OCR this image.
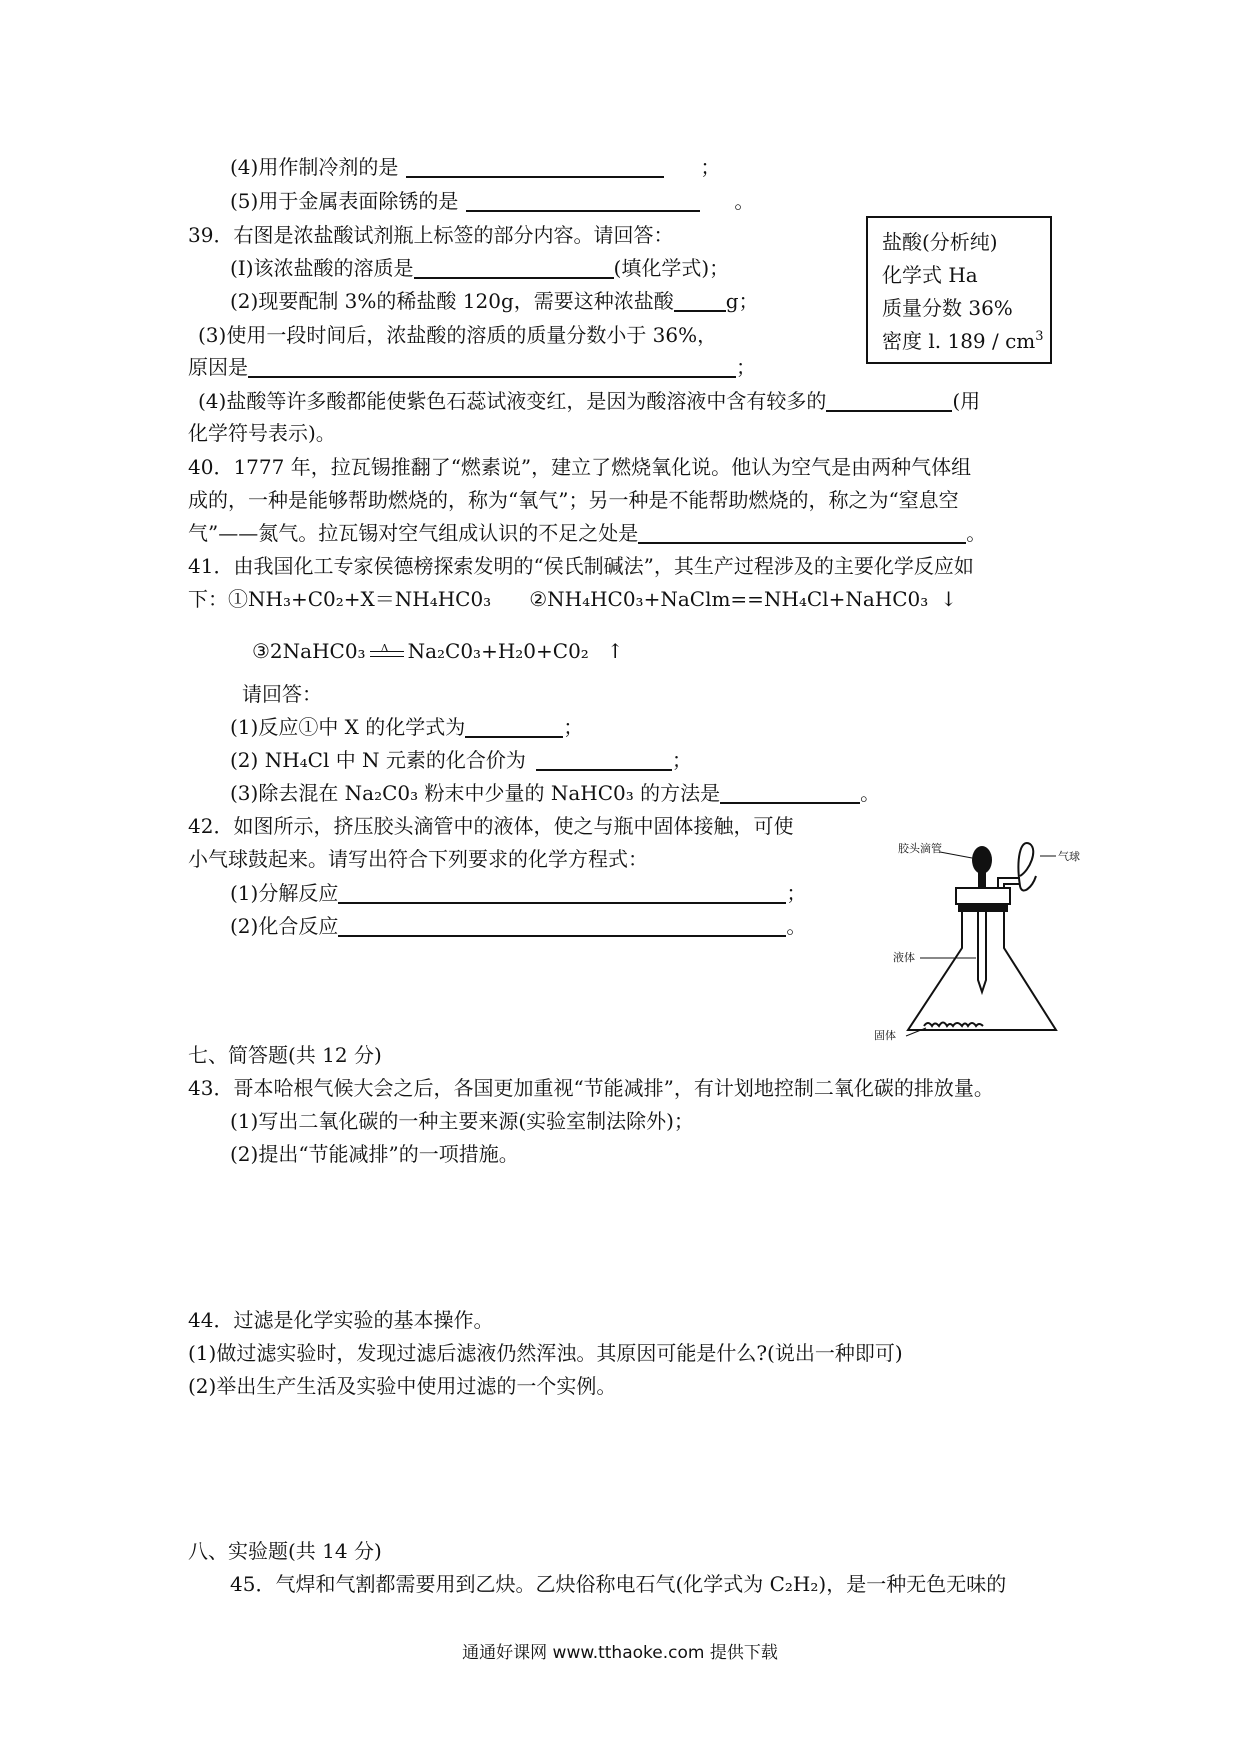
(4)用作制冷剂的是	；
(5)用于金属表面除锈的是	。
39．右图是浓盐酸试剂瓶上标签的部分内容。请回答：
(I)该浓盐酸的溶质是	(填化学式)；
(2)现要配制 3%的稀盐酸 120g，需要这种浓盐酸	g；
(3)使用一段时间后，浓盐酸的溶质的质量分数小于 36%，
原因是	；
(4)盐酸等许多酸都能使紫色石蕊试液变红，是因为酸溶液中含有较多的	(用
化学符号表示)。
盐酸(分析纯)
化学式 Ha
质量分数 36%
密度 l. $189 / cm^3$
40．1777 年，拉瓦锡推翻了“燃素说”，建立了燃烧氧化说。他认为空气是由两种气体组
成的，一种是能够帮助燃烧的，称为“氧气”；另一种是不能帮助燃烧的，称之为“窒息空
气”——氮气。拉瓦锡对空气组成认识的不足之处是	。
41．由我国化工专家侯德榜探索发明的“侯氏制碱法”，其生产过程涉及的主要化学反应如
下：①NH₃+C0₂+X＝NH₄HC0₃ ②NH₄HC0₃+NaClm==NH₄Cl+NaHC0₃ ↓
③2NaHC0₃ Δ Na₂C0₃+H₂0+C0₂ ↑
请回答：
(1)反应①中 X 的化学式为	；
(2) NH₄Cl 中 N 元素的化合价为	；
(3)除去混在 Na₂C0₃ 粉末中少量的 NaHC0₃ 的方法是	。
42．如图所示，挤压胶头滴管中的液体，使之与瓶中固体接触，可使
小气球鼓起来。请写出符合下列要求的化学方程式：
(1)分解反应	；
(2)化合反应	。
胶头滴管
气球
液体
固体
七、简答题(共 12 分)
43．哥本哈根气候大会之后，各国更加重视“节能减排”，有计划地控制二氧化碳的排放量。
(1)写出二氧化碳的一种主要来源(实验室制法除外)；
(2)提出“节能减排”的一项措施。
44．过滤是化学实验的基本操作。
(1)做过滤实验时，发现过滤后滤液仍然浑浊。其原因可能是什么?(说出一种即可)
(2)举出生产生活及实验中使用过滤的一个实例。
八、实验题(共 14 分)
45．气焊和气割都需要用到乙炔。乙炔俗称电石气(化学式为 C₂H₂)，是一种无色无味的
通通好课网 www.tthaoke.com 提供下载
